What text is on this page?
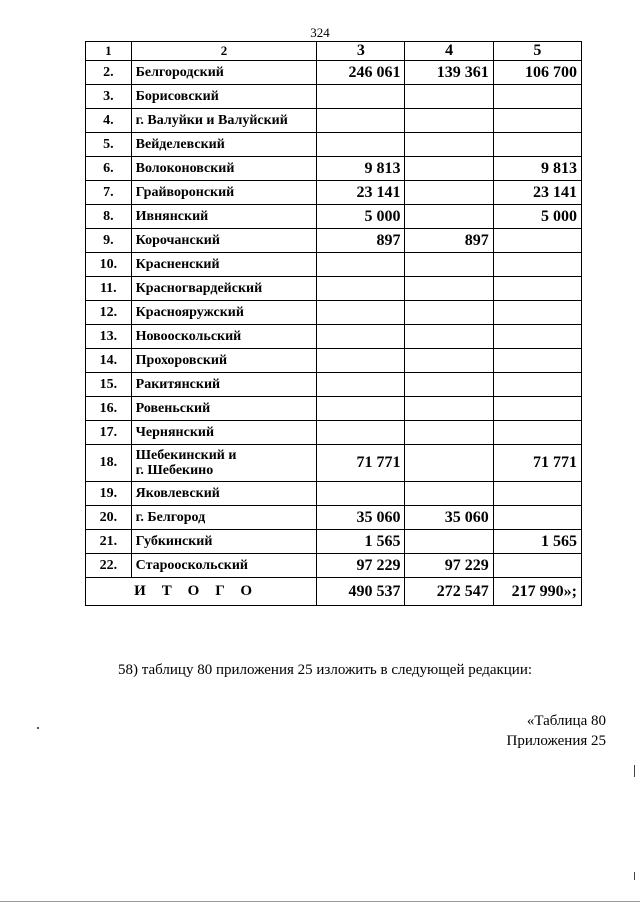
324
1	2	3	4	5
2.	Белгородский	246 061	139 361	106 700
3.	Борисовский			
4.	г. Валуйки и Валуйский			
5.	Вейделевский			
6.	Волоконовский	9 813		9 813
7.	Грайворонский	23 141		23 141
8.	Ивнянский	5 000		5 000
9.	Корочанский	897	897	
10.	Красненский			
11.	Красногвардейский			
12.	Краснояружский			
13.	Новооскольский			
14.	Прохоровский			
15.	Ракитянский			
16.	Ровеньский			
17.	Чернянский			
18.	Шебекинский и
г. Шебекино	71 771		71 771
19.	Яковлевский			
20.	г. Белгород	35 060	35 060	
21.	Губкинский	1 565		1 565
22.	Старооскольский	97 229	97 229	
ИТОГО		490 537	272 547	217 990»;
58) таблицу 80 приложения 25 изложить в следующей редакции:
«Таблица 80
Приложения 25
